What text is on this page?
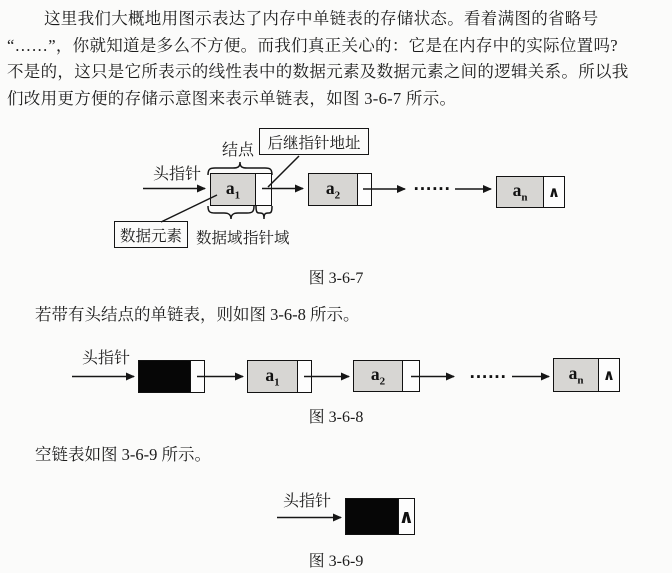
这里我们大概地用图示表达了内存中单链表的存储状态。看着满图的省略号
“……”，你就知道是多么不方便。而我们真正关心的：它是在内存中的实际位置吗?
不是的，这只是它所表示的线性表中的数据元素及数据元素之间的逻辑关系。所以我
们改用更方便的存储示意图来表示单链表，如图 3-6-7 所示。
$a_1$	$a_2$	$a_n$ ∧
结点 后继指针地址
头指针
数据元素 数据域 指针域
······
图 3-6-7
若带有头结点的单链表，则如图 3-6-8 所示。
头指针
$a_1$	$a_2$	$a_n$ ∧
······
图 3-6-8
空链表如图 3-6-9 所示。
头指针
∧
图 3-6-9
